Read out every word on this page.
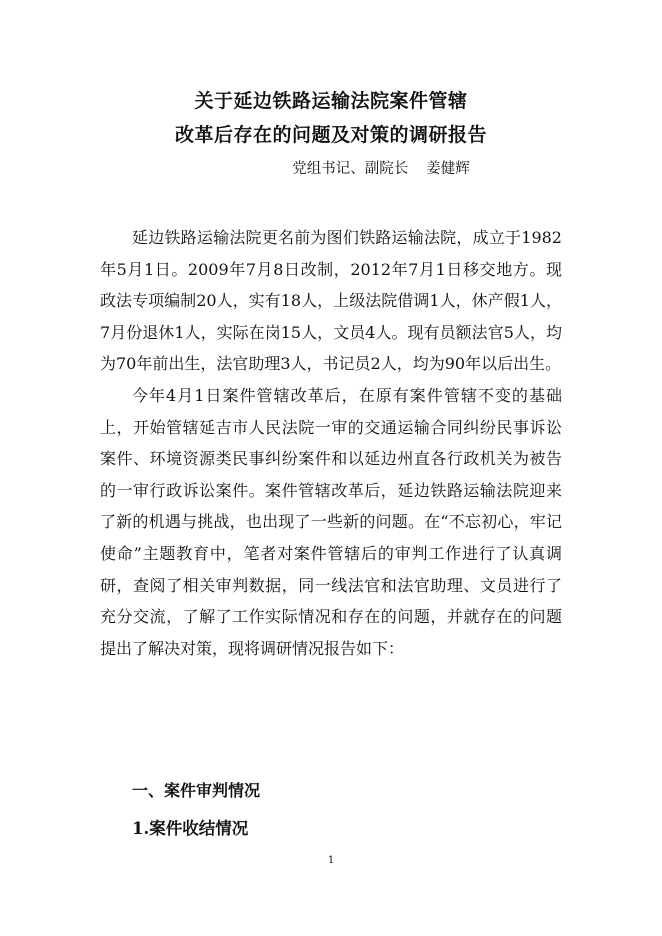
关于延边铁路运输法院案件管辖
改革后存在的问题及对策的调研报告
党组书记、副院长 姜健辉

延边铁路运输法院更名前为图们铁路运输法院，成立于1982年5月1日。2009年7月8日改制，2012年7月1日移交地方。现政法专项编制20人，实有18人，上级法院借调1人，休产假1人，7月份退休1人，实际在岗15人，文员4人。现有员额法官5人，均为70年前出生，法官助理3人，书记员2人，均为90年以后出生。

今年4月1日案件管辖改革后，在原有案件管辖不变的基础上，开始管辖延吉市人民法院一审的交通运输合同纠纷民事诉讼案件、环境资源类民事纠纷案件和以延边州直各行政机关为被告的一审行政诉讼案件。案件管辖改革后，延边铁路运输法院迎来了新的机遇与挑战，也出现了一些新的问题。在“不忘初心，牢记使命”主题教育中，笔者对案件管辖后的审判工作进行了认真调研，查阅了相关审判数据，同一线法官和法官助理、文员进行了充分交流，了解了工作实际情况和存在的问题，并就存在的问题提出了解决对策，现将调研情况报告如下：

一、案件审判情况
1.案件收结情况
1
